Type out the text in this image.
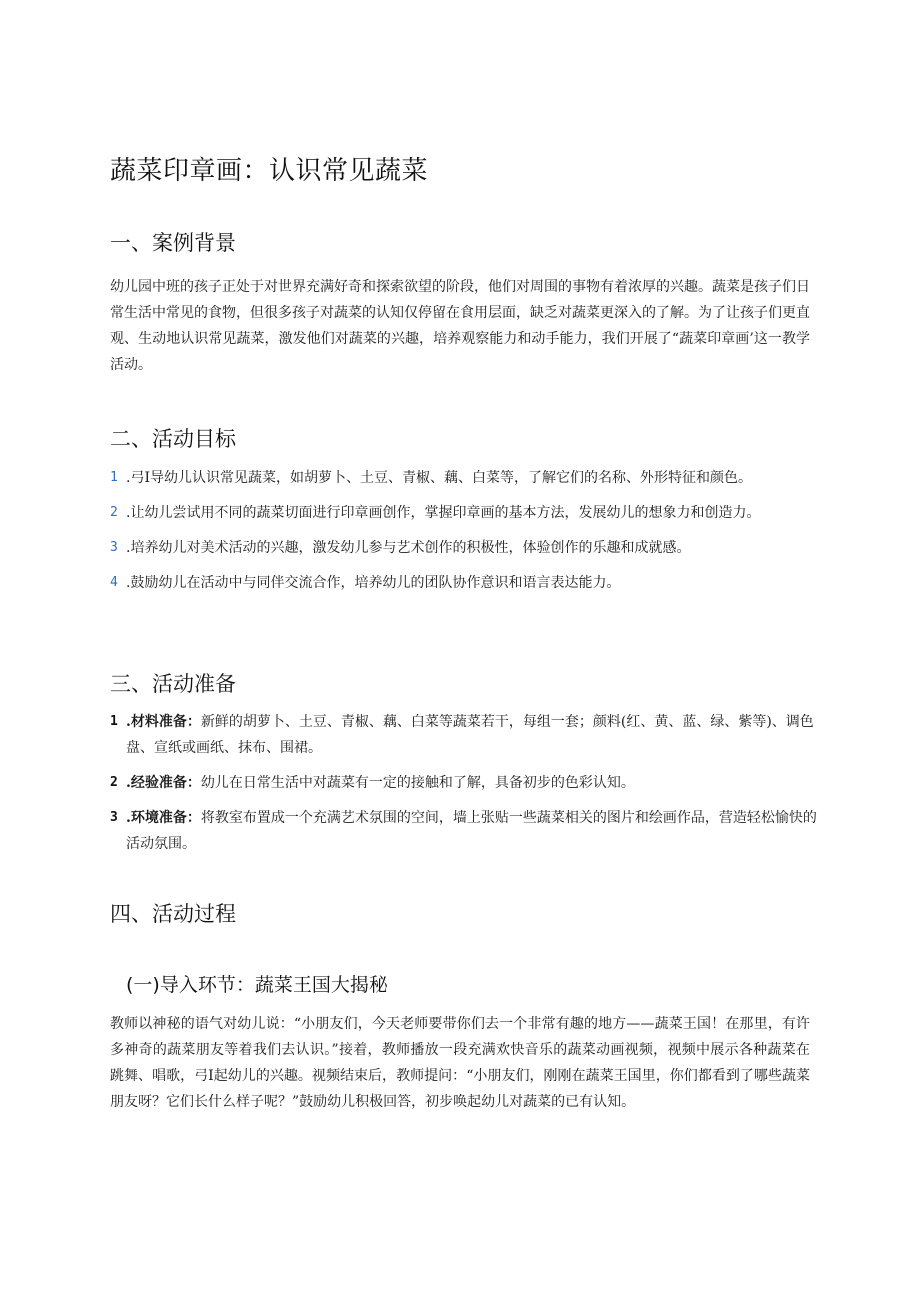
蔬菜印章画：认识常见蔬菜
一、案例背景

幼儿园中班的孩子正处于对世界充满好奇和探索欲望的阶段，他们对周围的事物有着浓厚的兴趣。蔬菜是孩子们日常生活中常见的食物，但很多孩子对蔬菜的认知仅停留在食用层面，缺乏对蔬菜更深入的了解。为了让孩子们更直观、生动地认识常见蔬菜，激发他们对蔬菜的兴趣，培养观察能力和动手能力，我们开展了“蔬菜印章画’这一教学活动。

二、活动目标
1 .弓I导幼儿认识常见蔬菜，如胡萝卜、土豆、青椒、藕、白菜等，了解它们的名称、外形特征和颜色。
2 .让幼儿尝试用不同的蔬菜切面进行印章画创作，掌握印章画的基本方法，发展幼儿的想象力和创造力。
3 .培养幼儿对美术活动的兴趣，激发幼儿参与艺术创作的积极性，体验创作的乐趣和成就感。
4 .鼓励幼儿在活动中与同伴交流合作，培养幼儿的团队协作意识和语言表达能力。
三、活动准备
1 .材料准备：新鲜的胡萝卜、土豆、青椒、藕、白菜等蔬菜若干，每组一套；颜料(红、黄、蓝、绿、紫等)、调色盘、宣纸或画纸、抹布、围裙。
2 .经验准备：幼儿在日常生活中对蔬菜有一定的接触和了解，具备初步的色彩认知。
3 .环境准备：将教室布置成一个充满艺术氛围的空间，墙上张贴一些蔬菜相关的图片和绘画作品，营造轻松愉快的活动氛围。
四、活动过程
(一)导入环节：蔬菜王国大揭秘

教师以神秘的语气对幼儿说：“小朋友们，今天老师要带你们去一个非常有趣的地方——蔬菜王国！在那里，有许多神奇的蔬菜朋友等着我们去认识。”接着，教师播放一段充满欢快音乐的蔬菜动画视频，视频中展示各种蔬菜在跳舞、唱歌，弓I起幼儿的兴趣。视频结束后，教师提问：“小朋友们，刚刚在蔬菜王国里，你们都看到了哪些蔬菜朋友呀？它们长什么样子呢？”鼓励幼儿积极回答，初步唤起幼儿对蔬菜的已有认知。
